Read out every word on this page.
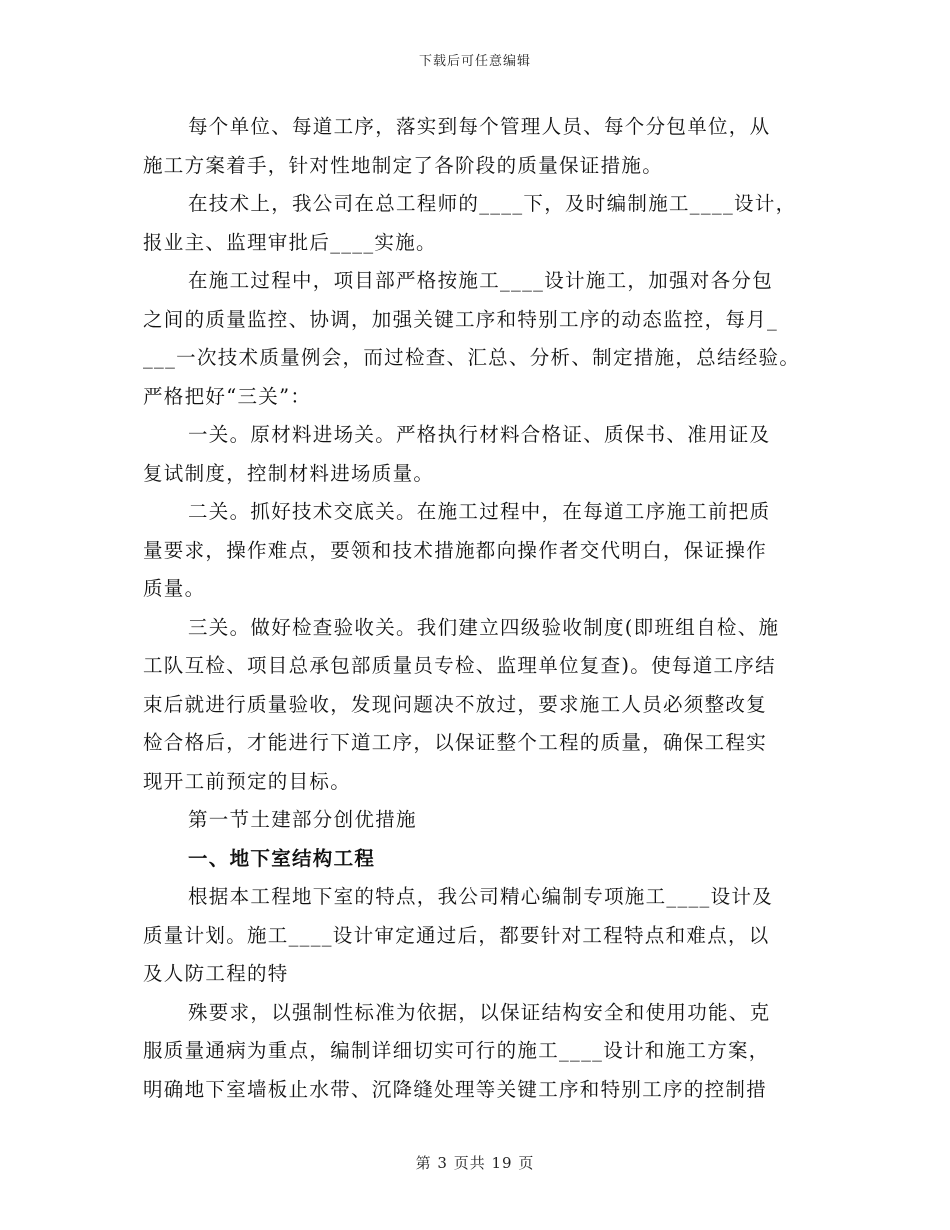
下载后可任意编辑
每个单位、每道工序，落实到每个管理人员、每个分包单位，从
施工方案着手，针对性地制定了各阶段的质量保证措施。
在技术上，我公司在总工程师的____下，及时编制施工____设计，
报业主、监理审批后____实施。
在施工过程中，项目部严格按施工____设计施工，加强对各分包
之间的质量监控、协调，加强关键工序和特别工序的动态监控，每月_
___一次技术质量例会，而过检查、汇总、分析、制定措施，总结经验。
严格把好“三关”：
一关。原材料进场关。严格执行材料合格证、质保书、准用证及
复试制度，控制材料进场质量。
二关。抓好技术交底关。在施工过程中，在每道工序施工前把质
量要求，操作难点，要领和技术措施都向操作者交代明白，保证操作
质量。
三关。做好检查验收关。我们建立四级验收制度(即班组自检、施
工队互检、项目总承包部质量员专检、监理单位复查)。使每道工序结
束后就进行质量验收，发现问题决不放过，要求施工人员必须整改复
检合格后，才能进行下道工序，以保证整个工程的质量，确保工程实
现开工前预定的目标。
第一节土建部分创优措施
一、地下室结构工程
根据本工程地下室的特点，我公司精心编制专项施工____设计及
质量计划。施工____设计审定通过后，都要针对工程特点和难点，以
及人防工程的特
殊要求，以强制性标准为依据，以保证结构安全和使用功能、克
服质量通病为重点，编制详细切实可行的施工____设计和施工方案，
明确地下室墙板止水带、沉降缝处理等关键工序和特别工序的控制措
第 3 页共 19 页
